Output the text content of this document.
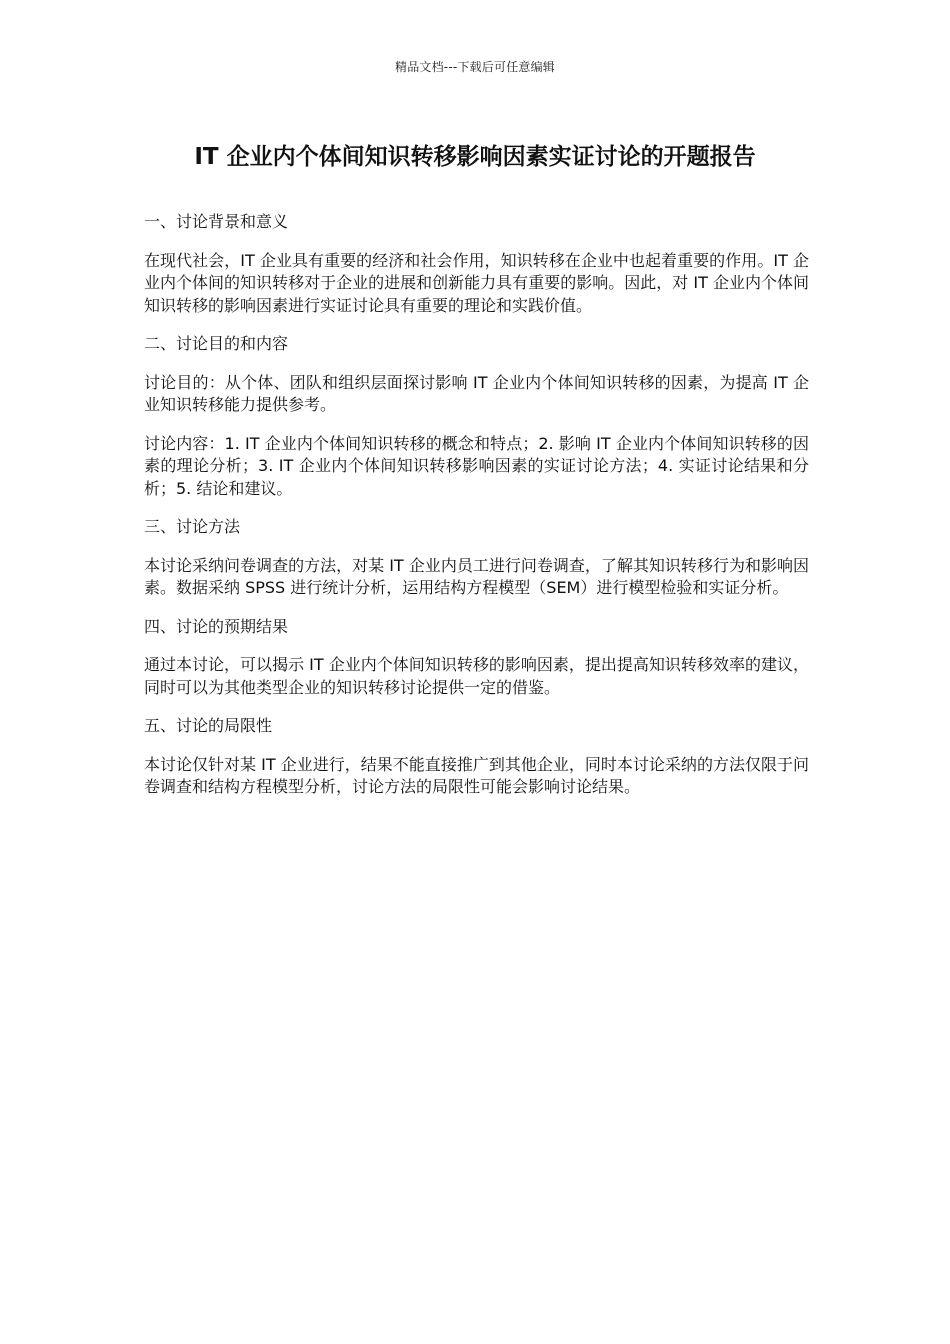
精品文档---下载后可任意编辑
IT 企业内个体间知识转移影响因素实证讨论的开题报告

一、讨论背景和意义

在现代社会，IT 企业具有重要的经济和社会作用，知识转移在企业中也起着重要的作用。IT 企业内个体间的知识转移对于企业的进展和创新能力具有重要的影响。因此，对 IT 企业内个体间知识转移的影响因素进行实证讨论具有重要的理论和实践价值。

二、讨论目的和内容

讨论目的：从个体、团队和组织层面探讨影响 IT 企业内个体间知识转移的因素，为提高 IT 企业知识转移能力提供参考。

讨论内容：1. IT 企业内个体间知识转移的概念和特点；2. 影响 IT 企业内个体间知识转移的因素的理论分析；3. IT 企业内个体间知识转移影响因素的实证讨论方法；4. 实证讨论结果和分析；5. 结论和建议。

三、讨论方法

本讨论采纳问卷调查的方法，对某 IT 企业内员工进行问卷调查，了解其知识转移行为和影响因素。数据采纳 SPSS 进行统计分析，运用结构方程模型（SEM）进行模型检验和实证分析。

四、讨论的预期结果

通过本讨论，可以揭示 IT 企业内个体间知识转移的影响因素，提出提高知识转移效率的建议，同时可以为其他类型企业的知识转移讨论提供一定的借鉴。

五、讨论的局限性

本讨论仅针对某 IT 企业进行，结果不能直接推广到其他企业，同时本讨论采纳的方法仅限于问卷调查和结构方程模型分析，讨论方法的局限性可能会影响讨论结果。
